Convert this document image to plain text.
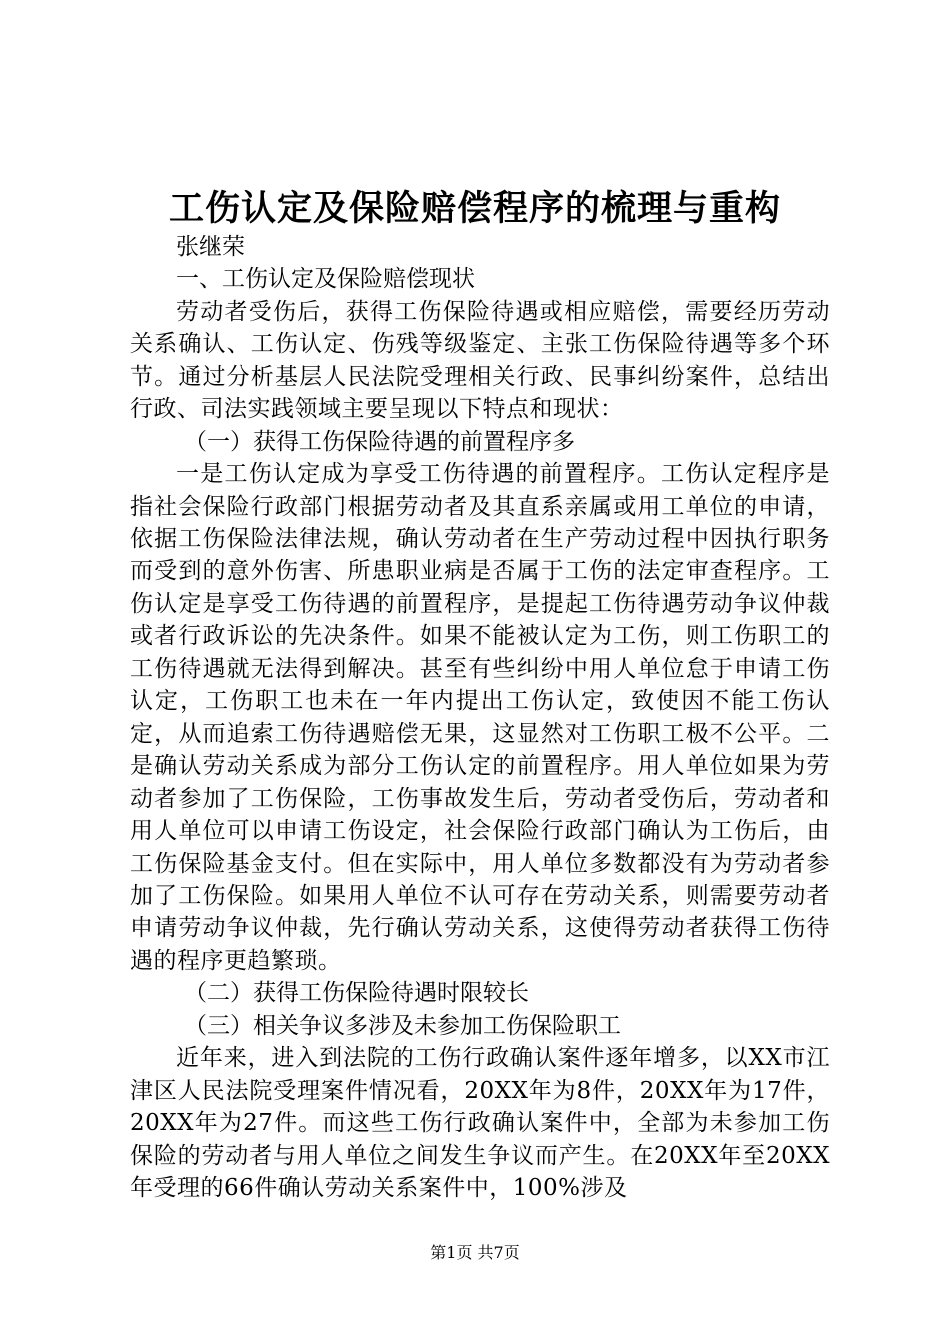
工伤认定及保险赔偿程序的梳理与重构
张继荣
一、工伤认定及保险赔偿现状

劳动者受伤后，获得工伤保险待遇或相应赔偿，需要经历劳动关系确认、工伤认定、伤残等级鉴定、主张工伤保险待遇等多个环节。通过分析基层人民法院受理相关行政、民事纠纷案件，总结出行政、司法实践领域主要呈现以下特点和现状：

（一）获得工伤保险待遇的前置程序多

一是工伤认定成为享受工伤待遇的前置程序。工伤认定程序是指社会保险行政部门根据劳动者及其直系亲属或用工单位的申请，依据工伤保险法律法规，确认劳动者在生产劳动过程中因执行职务而受到的意外伤害、所患职业病是否属于工伤的法定审查程序。工伤认定是享受工伤待遇的前置程序，是提起工伤待遇劳动争议仲裁或者行政诉讼的先决条件。如果不能被认定为工伤，则工伤职工的工伤待遇就无法得到解决。甚至有些纠纷中用人单位怠于申请工伤认定，工伤职工也未在一年内提出工伤认定，致使因不能工伤认定，从而追索工伤待遇赔偿无果，这显然对工伤职工极不公平。二是确认劳动关系成为部分工伤认定的前置程序。用人单位如果为劳动者参加了工伤保险，工伤事故发生后，劳动者受伤后，劳动者和用人单位可以申请工伤设定，社会保险行政部门确认为工伤后，由工伤保险基金支付。但在实际中，用人单位多数都没有为劳动者参加了工伤保险。如果用人单位不认可存在劳动关系，则需要劳动者申请劳动争议仲裁，先行确认劳动关系，这使得劳动者获得工伤待遇的程序更趋繁琐。

（二）获得工伤保险待遇时限较长
（三）相关争议多涉及未参加工伤保险职工

近年来，进入到法院的工伤行政确认案件逐年增多，以XX市江津区人民法院受理案件情况看，20XX年为8件，20XX年为17件，20XX年为27件。而这些工伤行政确认案件中，全部为未参加工伤保险的劳动者与用人单位之间发生争议而产生。在20XX年至20XX年受理的66件确认劳动关系案件中，100%涉及

第1页 共7页
